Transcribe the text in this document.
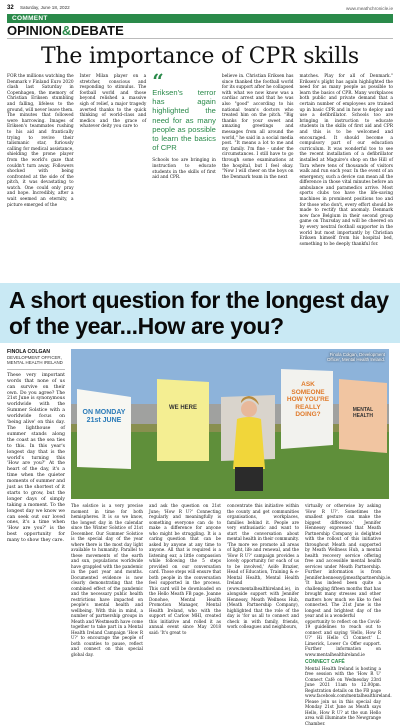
32 Saturday, June 18, 2022	www.meathchronicle.ie
COMMENT
OPINION & DEBATE
The importance of CPR skills
FOR the millions watching the Denmark v Finland Euro 2020 clash last Saturday in Copenhagen, the memory of Christian Eriksen stumbling and falling, lifeless to the ground, will never leave them. The minutes that followed were harrowing. Images of Eriksen's teammates rushing to his aid and frantically trying to revive their talismanic star, furiously calling for medical assistance, shielding the prone player from the world's gaze that couldn't turn away. Followers shocked with being confronted at the side of the pitch, it was devastating to watch. One could only pray and hope. Incredibly, after a wait seemed an eternity, a picture emerged of the
Inter Milan player on a stretcher, conscious and responding to stimulus. The football world and those beyond relished a massive sigh of relief, a major tragedy averted thanks to the quick thinking of world-class and medics and the grace of whatever deity you care to
“
Eriksen's terror has again highlighted the need for as many people as possible to learn the basics of CPR
Schools too are bringing in instruction to educate students in the skills of first aid and CPR.
believe in. Christian Eriksen has since thanked the football world for its support after he collapsed with what we now know was a cardiac arrest and that he was also "good" according to his national team's doctors who treated him on the pitch. "Big thanks for your sweet and amazing greetings and messages from all around the world," he said in a social media post. "It means a lot to me and my family. I'm fine - under the circumstances. I still have to go through some examinations at the hospital, but I feel okay. "Now I will cheer on the boys on the Denmark team in the next
matches. Play for all of Denmark." Eriksen's plight has again highlighted the need for as many people as possible to learn the basics of CPR. Many workplaces both public and private demand that a certain number of employees are trained up in basic CPR and in how to deploy and use a defibrillator. Schools too are bringing in instruction to educate students in the skills of first aid and CPR and this is to be welcomed and encouraged. It should become a compulsory part of our education curriculum. It was wonderful too to see the recent installation of a defibrillator installed at Maguire's shop on the Hill of Tara where tens of thousands of visitors walk and run each year. In the event of an emergency, such a device can mean all the difference in those vital minutes before an ambulance and paramedics arrive. Most sports clubs too have the life-saving machines in prominent positions too and for those who don't, every effort should be made to rectify that anomaly. Denmark now face Belgium in their second group game on Thursday and will be cheered on by every neutral football supporter in the world but most importantly by Christian Eriksen himself from his hospital bed, something to be deeply thankful for.
A short question for the longest day of the year...How are you?
FINOLA COLGAN
DEVELOPMENT OFFICER,
MENTAL HEALTH IRELAND
These very important words that none of us can survive on their own. Do you agree? The 21st June is synonymous worldwide with the Summer Solstice with a worldwide focus on 'being alive' on this day. The lighthouse of summer stands along the coast as the sea ties to this. In this year's longest day that is the world's turning this 'How are you?' At the heart of the day, it's a time when the quieter moments of summer and just as the shortest of it starts to grow, but the longer days of simply taking a moment. To the longest day we know we can seek out our loved ones, it's a time when 'How are you?' is the best opportunity for many to show they care.
Finola Colgan, Development
Officer, Mental Health Ireland.
ON MONDAY 21st JUNE
ASK SOMEONE HOW YOU'RE REALLY DOING?
WE HERE	MENTAL HEALTH
The solstice is a very precise moment in time for both hemispheres. It is so we know, the longest day in the calendar since the Winter Solstice of 21st December. Our Summer Solstice is the special day of the year where there is the most day light available to humanity. Parallel to these movements of the earth and sun, populations worldwide have grappled with the pandemic in the past year and months. Documented evidence is now clearly demonstrating that the combined effect of the pandemic and the necessary public health restrictions have impacted on people's mental health and wellbeing. With this in mind, a number of partnership groups in Meath and Westmeath have come together to take part in a Mental Health Ireland Campaign 'How R U?' to encourage the people of both counties to pause, reflect and connect on this special global day.
and ask the question on 21st June; 'How R U?' Connecting regularly and meaningfully is something everyone can do to make a difference for anyone who might be struggling. It is a caring question that can be asked by anyone at any time to anyone. All that is required is a listening ear, a little compassion while following the 5 steps provided on our conversation card. Those steps will ensure that both people in the conversation feel supported in the process. This card will be downloaded on the Hello Meath FB page. Joanne Donohoe, Mental Health Promotion Manager, Mental Health Ireland, who with the support of Carlow MHI, created this initiative and rolled it as annual event since May 2018 said: 'It's great to
concentrate this initiative within the county and get communities organisations, workplaces, families behind it. People are very enthusiastic and want to start the conversation about mental health in their community. 'The more we promote all areas of light, life and renewal, and the 'How R U?' campaign provides a lovely opportunity for each of us to be involved,' Aoife Brazier, Head of Education, Training & e-Mental Health, Mental Health Ireland (www.mentalhealthireland.ie), in alongside support with Jennifer Hennessy, Meath Wellness Hub, (Meath Partnership Company), highlighted that the role of the day is 'for us all to connect and check in with family, friends, work colleagues and neighbours,
virtually or otherwise by asking 'How R U?'. Sometimes the smallest gesture can make the biggest difference.' Jennifer Hennessy expressed that Meath Partnership Company is delighted with the rollout of this initiative throughout Meath and supported by Meath Wellness Hub, a mental health recovery service offering free and accessible mental health services under Meath Partnership. Further information is from Jennifer.hennessy@meathpartnership.ie. 'It has indeed been quite a challenging fifteen months that has brought many stresses and other matters how much we like to feel connected. The 21st June is the longest and brightest day of the year and is a wonderful
opportunity to reflect on the Covid-19 guidelines to reach out to connect and saying 'Hello, How R U?' Hi Hello Cl Connect' L. Limerick, Lower Co Offer support. Further information on www.mentalhealthireland.ie
CONNECT CAFÉ
Mental Health Ireland is hosting a free session with the 'How R U' Connect Café on Wednesday 23rd June 2021 11am to 12.00pm. Registration details on the FB page www.facebook.com/mentalhealthireland. Please join us in this special day Monday 21st June as Meath says Hello, How R U? at the sun Hello area will illuminate the Newgrange Chamber.
